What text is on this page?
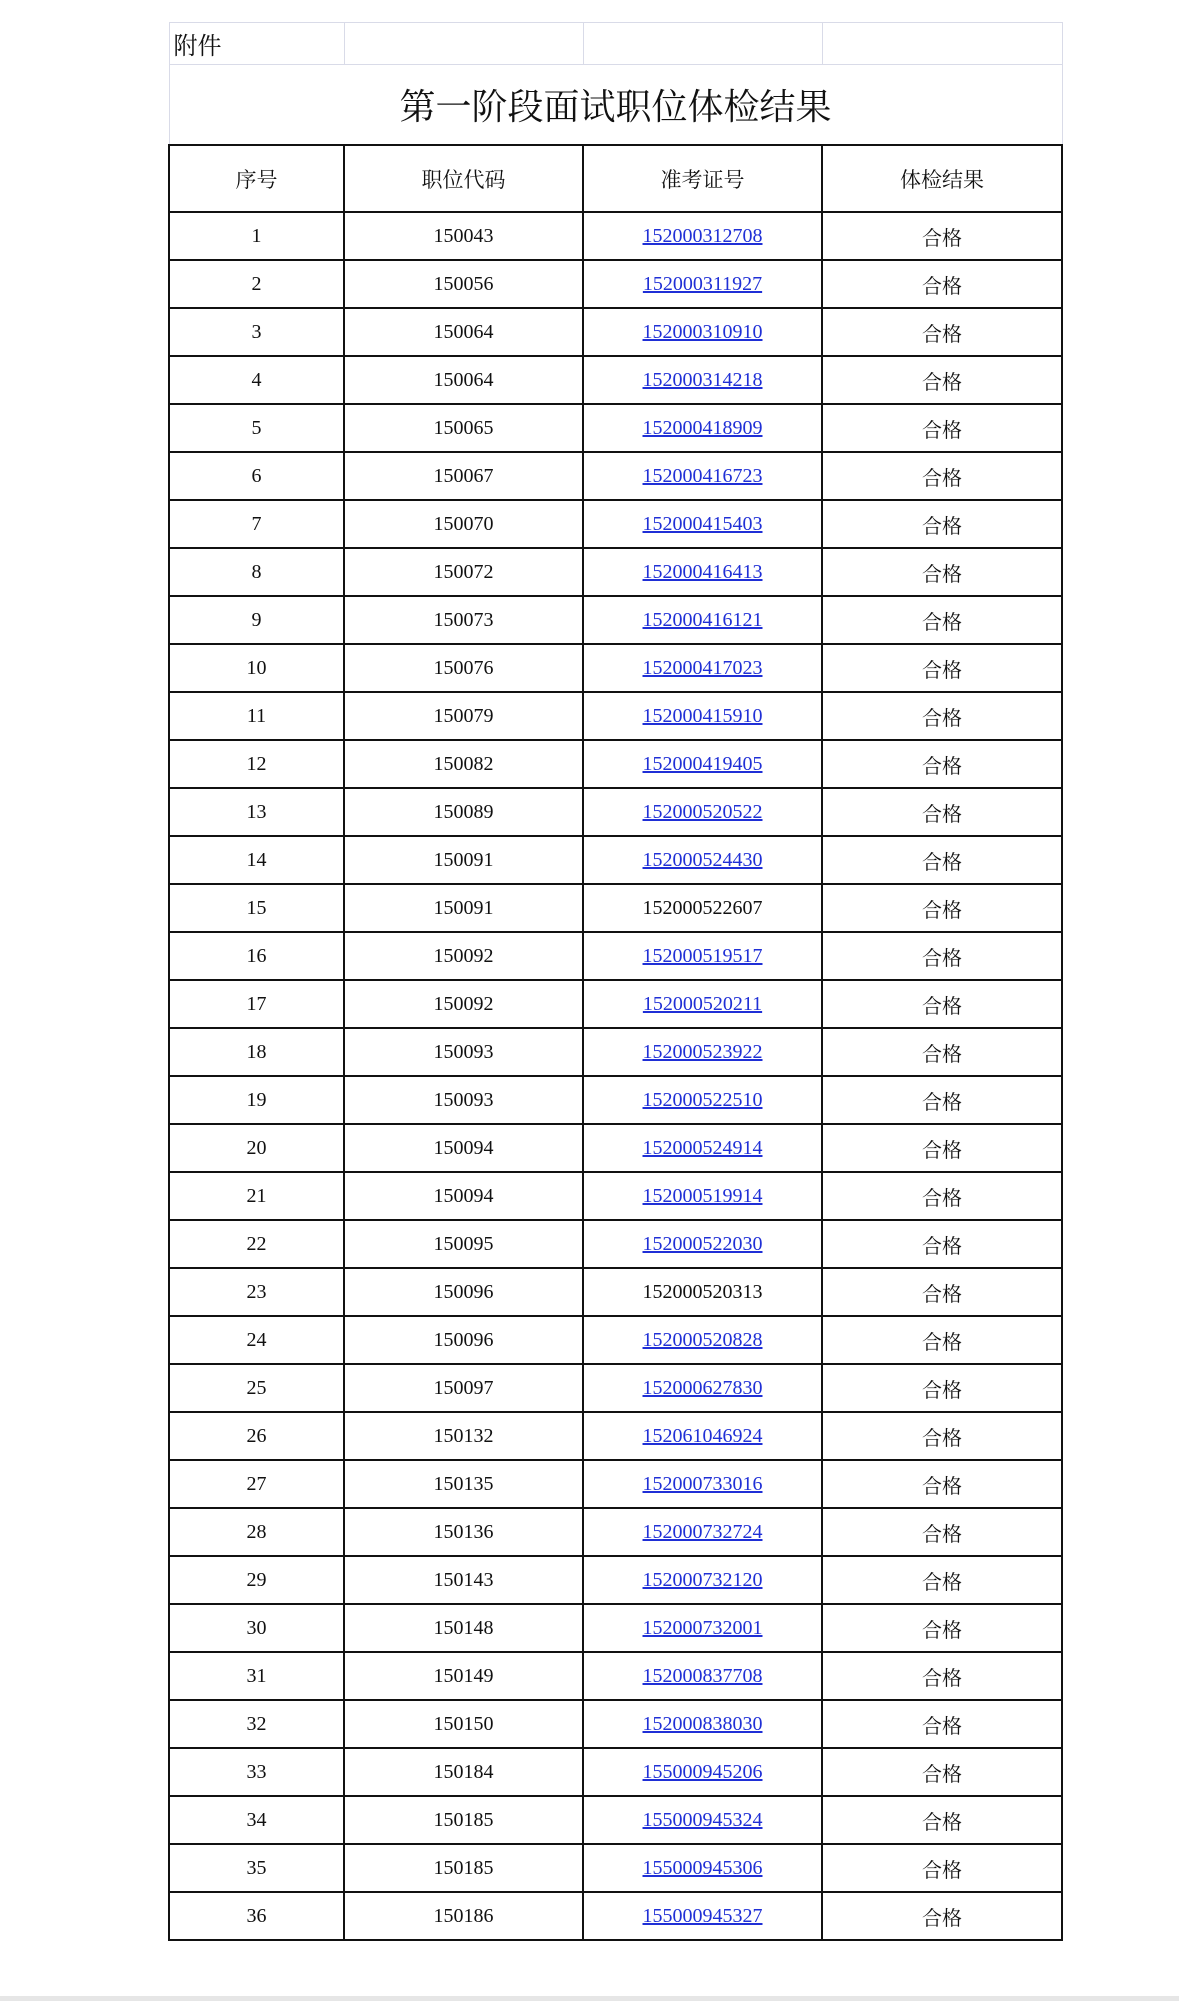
附件			
第一阶段面试职位体检结果			
序号	职位代码	准考证号	体检结果
1	150043	152000312708	合格
2	150056	152000311927	合格
3	150064	152000310910	合格
4	150064	152000314218	合格
5	150065	152000418909	合格
6	150067	152000416723	合格
7	150070	152000415403	合格
8	150072	152000416413	合格
9	150073	152000416121	合格
10	150076	152000417023	合格
11	150079	152000415910	合格
12	150082	152000419405	合格
13	150089	152000520522	合格
14	150091	152000524430	合格
15	150091	152000522607	合格
16	150092	152000519517	合格
17	150092	152000520211	合格
18	150093	152000523922	合格
19	150093	152000522510	合格
20	150094	152000524914	合格
21	150094	152000519914	合格
22	150095	152000522030	合格
23	150096	152000520313	合格
24	150096	152000520828	合格
25	150097	152000627830	合格
26	150132	152061046924	合格
27	150135	152000733016	合格
28	150136	152000732724	合格
29	150143	152000732120	合格
30	150148	152000732001	合格
31	150149	152000837708	合格
32	150150	152000838030	合格
33	150184	155000945206	合格
34	150185	155000945324	合格
35	150185	155000945306	合格
36	150186	155000945327	合格
